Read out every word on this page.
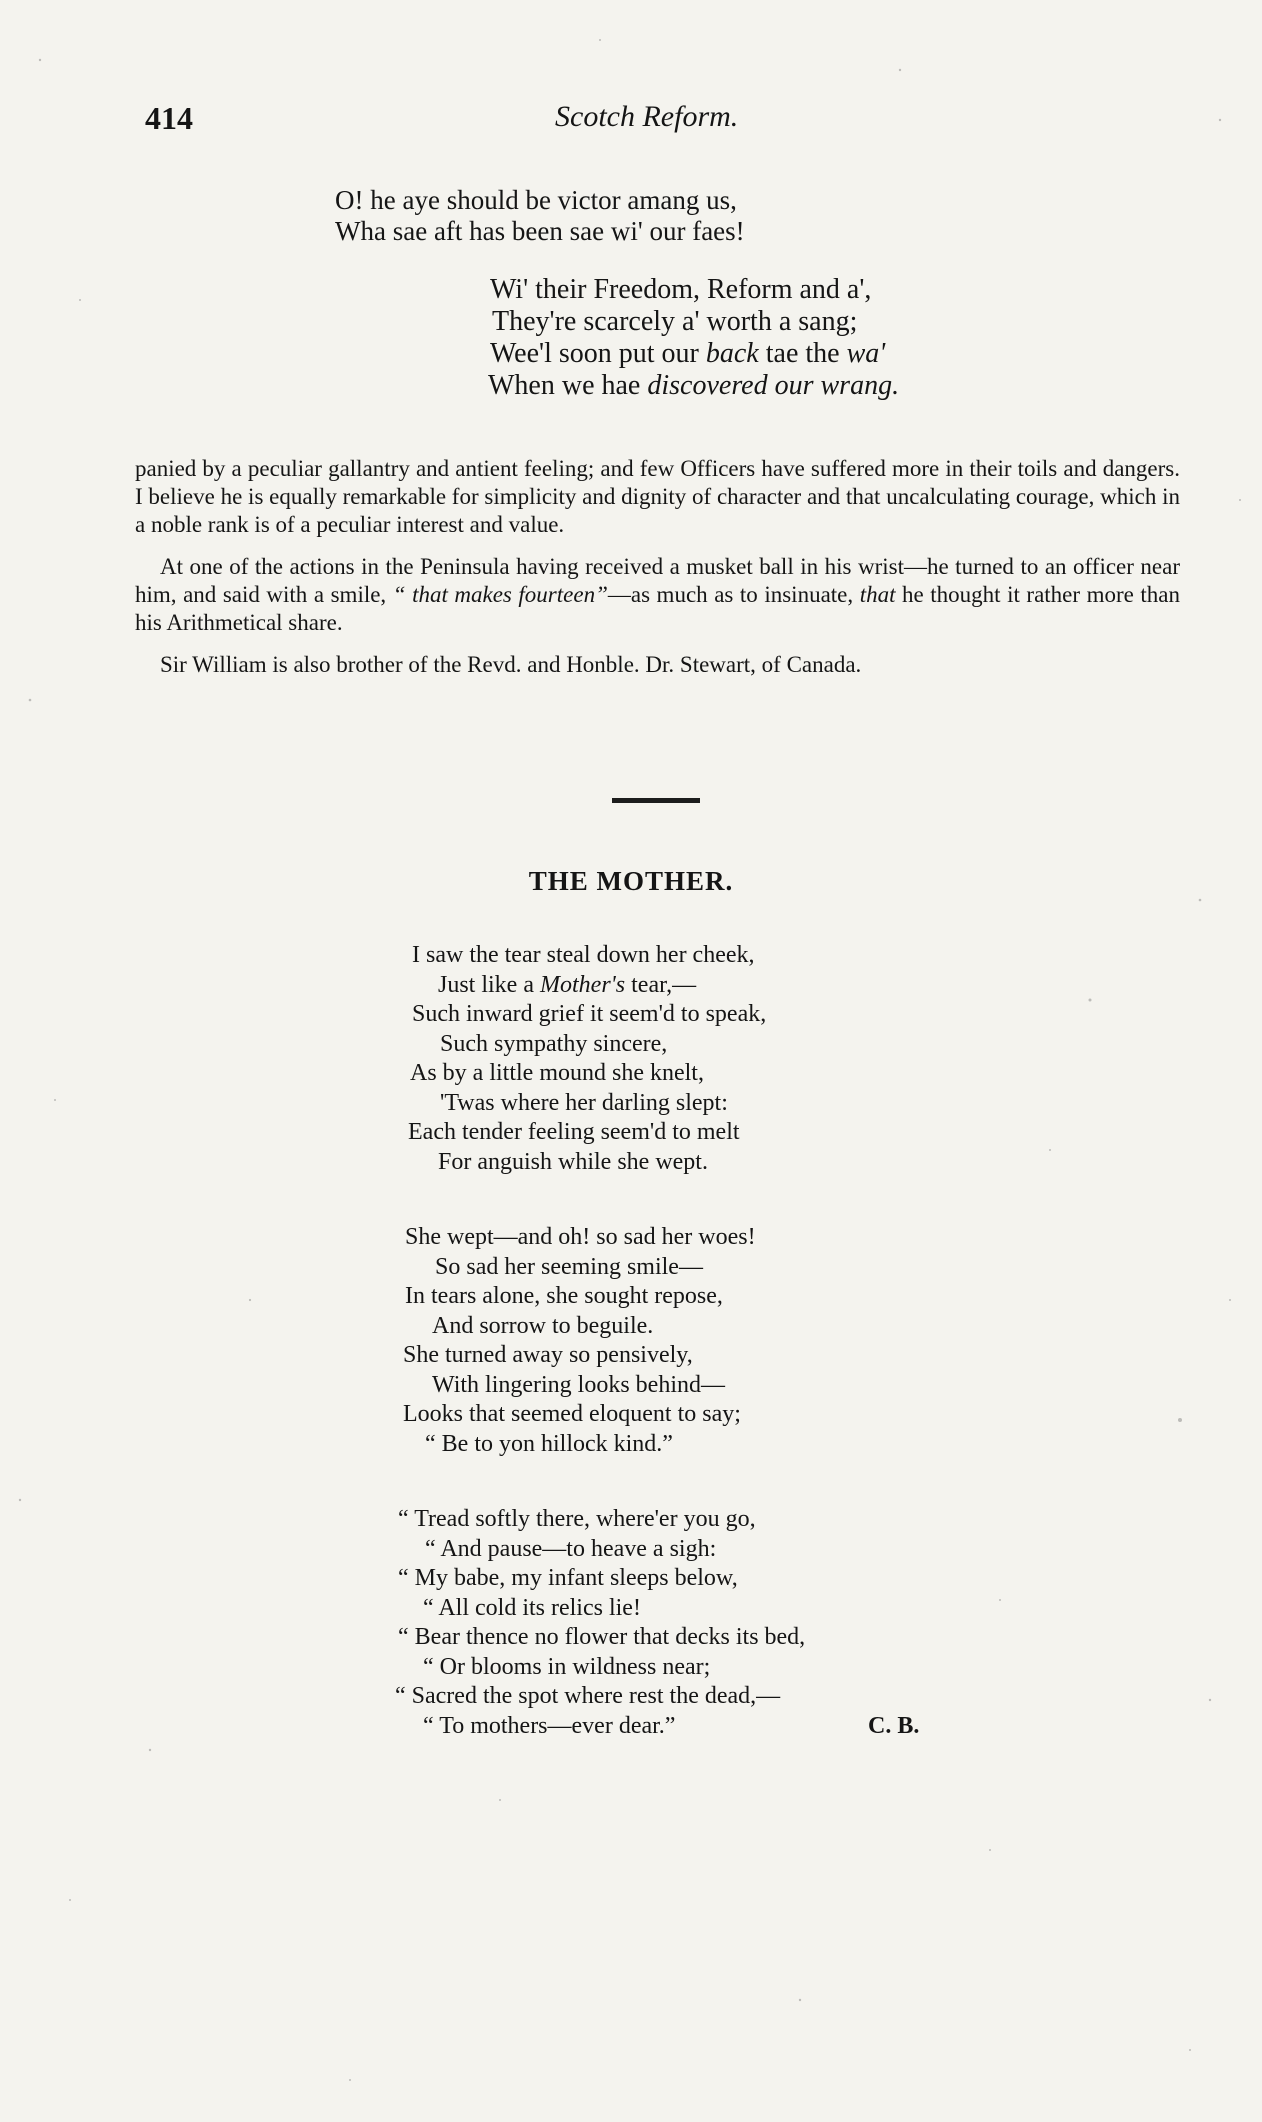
414	Scotch Reform.
O! he aye should be victor amang us,
Wha sae aft has been sae wi' our faes!
Wi' their Freedom, Reform and a',
They're scarcely a' worth a sang;
Wee'l soon put our back tae the wa'
When we hae discovered our wrang.

panied by a peculiar gallantry and antient feeling; and few Officers have suffered more in their toils and dangers. I believe he is equally remarkable for simplicity and dignity of character and that uncalculating courage, which in a noble rank is of a peculiar interest and value.

At one of the actions in the Peninsula having received a musket ball in his wrist—he turned to an officer near him, and said with a smile, “ that makes fourteen”—as much as to insinuate, that he thought it rather more than his Arithmetical share.

Sir William is also brother of the Revd. and Honble. Dr. Stewart, of Canada.

THE MOTHER.
I saw the tear steal down her cheek,
Just like a Mother's tear,—
Such inward grief it seem'd to speak,
Such sympathy sincere,
As by a little mound she knelt,
'Twas where her darling slept:
Each tender feeling seem'd to melt
For anguish while she wept.
She wept—and oh! so sad her woes!
So sad her seeming smile—
In tears alone, she sought repose,
And sorrow to beguile.
She turned away so pensively,
With lingering looks behind—
Looks that seemed eloquent to say;
“ Be to yon hillock kind.”
“ Tread softly there, where'er you go,
“ And pause—to heave a sigh:
“ My babe, my infant sleeps below,
“ All cold its relics lie!
“ Bear thence no flower that decks its bed,
“ Or blooms in wildness near;
“ Sacred the spot where rest the dead,—
“ To mothers—ever dear.”	C. B.
